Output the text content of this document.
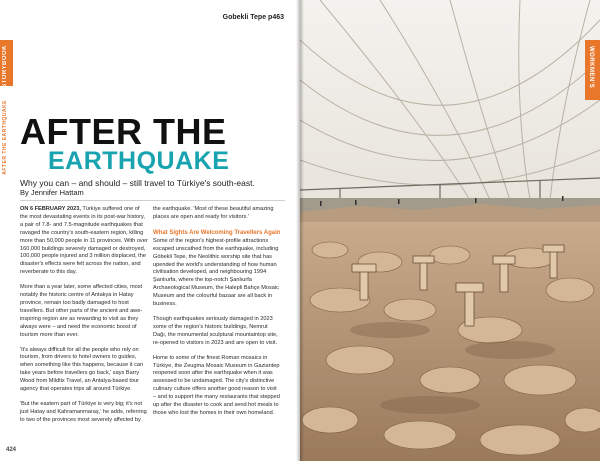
STORYBOOK
AFTER THE EARTHQUAKE
Gobekli Tepe p463
AFTER THE
EARTHQUAKE
Why you can – and should – still travel to Türkiye's south-east.
By Jennifer Hattam

ON 6 FEBRUARY 2023, Türkiye suffered one of the most devastating events in its post-war history, a pair of 7.8- and 7.5-magnitude earthquakes that ravaged the country's south-eastern region, killing more than 50,000 people in 11 provinces. With over 160,000 buildings severely damaged or destroyed, 100,000 people injured and 3 million displaced, the disaster's effects were felt across the nation, and reverberate to this day.

More than a year later, some affected cities, most notably the historic centre of Antakya in Hatay province, remain too badly damaged to host travellers. But other parts of the ancient and awe-inspiring region are as rewarding to visit as they always were – and need the economic boost of tourism more than ever.

'It's always difficult for all the people who rely on tourism, from drivers to hotel owners to guides, when something like this happens, because it can take years before travellers go back,' says Barry Wood from Mildtix Travel, an Antalya-based tour agency that operates trips all around Türkiye.

'But the eastern part of Türkiye is very big; it's not just Hatay and Kahramanmaraş,' he adds, referring to two of the provinces most severely affected by

the earthquake. 'Most of these beautiful amazing places are open and ready for visitors.'

What Sights Are Welcoming Travellers Again

Some of the region's highest-profile attractions escaped unscathed from the earthquake, including Göbekli Tepe, the Neolithic worship site that has upended the world's understanding of how human civilisation developed, and neighbouring 1994 Şanlıurfa, where the top-notch Şanlıurfa Archaeological Museum, the Halepli Bahçe Mosaic Museum and the colourful bazaar are all back in business.

Though earthquakes seriously damaged in 2023 some of the region's historic buildings, Nemrut Dağı, the monumental sculptural mountaintop site, re-opened to visitors in 2023 and are open to visit.

Home to some of the finest Roman mosaics in Türkiye, the Zeugma Mosaic Museum in Gaziantep reopened soon after the earthquake when it was assessed to be undamaged. The city's distinctive culinary culture offers another good reason to visit – and to support the many restaurants that stepped up after the disaster to cook and send hot meals to those who lost the homes in their own homeland.

424
WORKMEN'S
